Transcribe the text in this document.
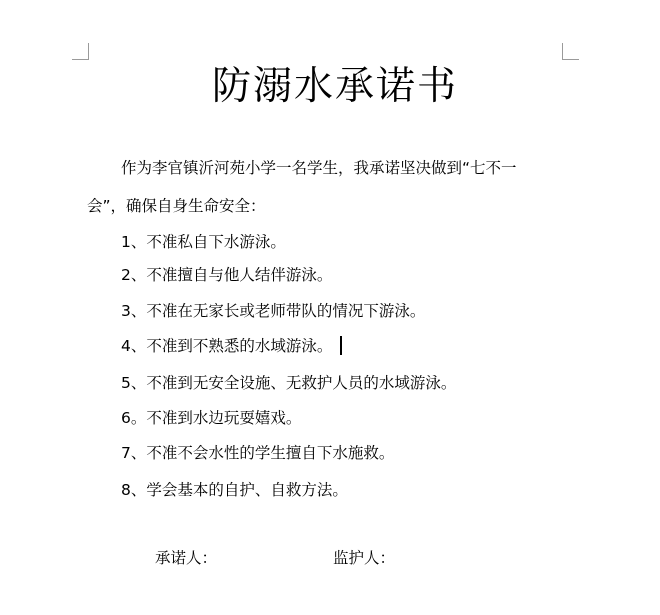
防溺水承诺书
作为李官镇沂河苑小学一名学生，我承诺坚决做到“七不一
会”，确保自身生命安全：
1、不准私自下水游泳。
2、不准擅自与他人结伴游泳。
3、不准在无家长或老师带队的情况下游泳。
4、不准到不熟悉的水域游泳。
5、不准到无安全设施、无救护人员的水域游泳。
6。不准到水边玩耍嬉戏。
7、不准不会水性的学生擅自下水施救。
8、学会基本的自护、自救方法。
承诺人：	监护人：
